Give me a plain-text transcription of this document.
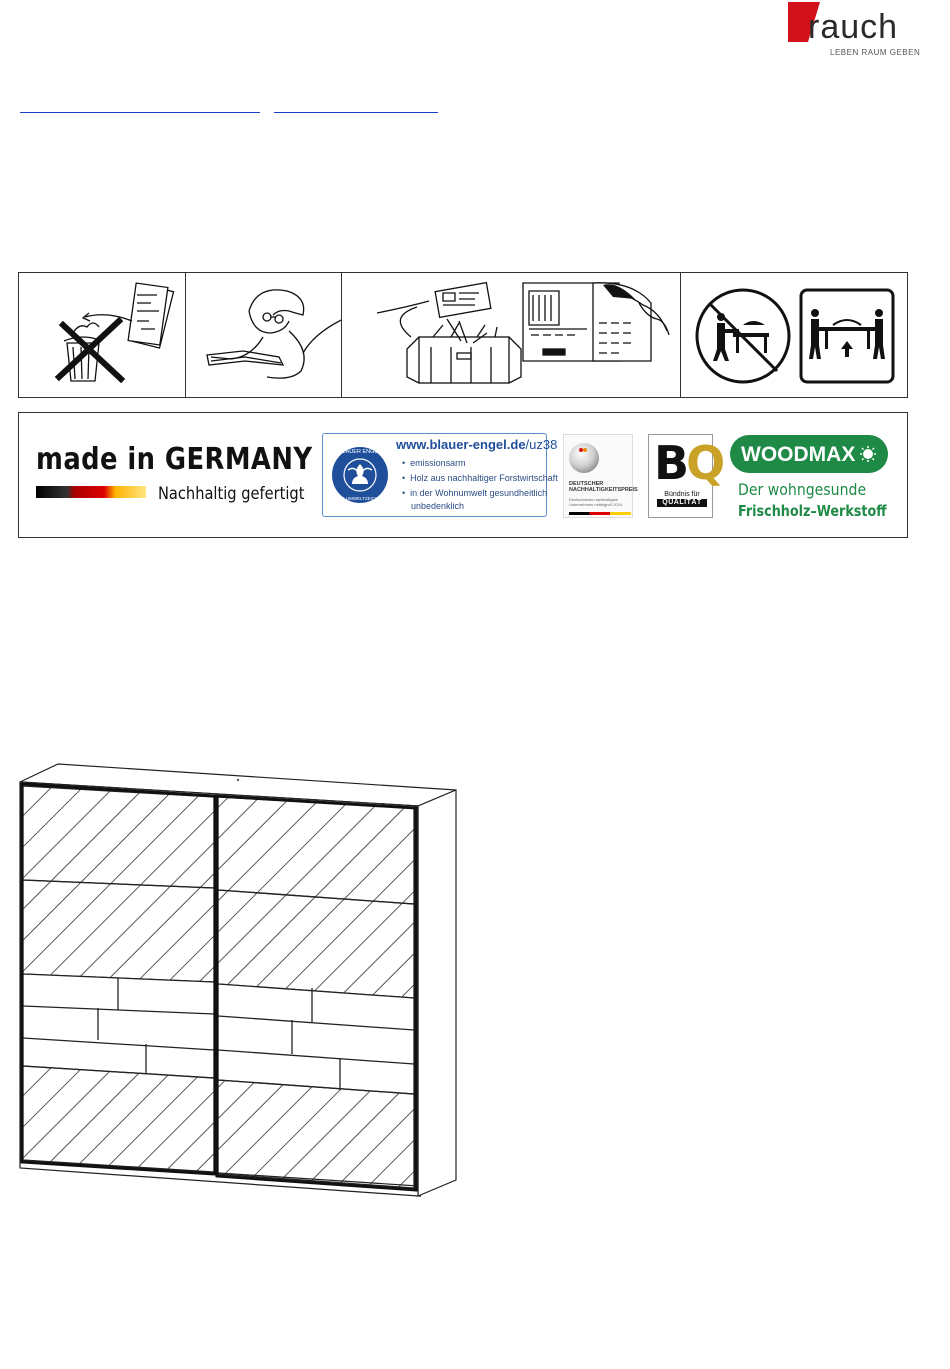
rauch
LEBEN RAUM GEBEN
made in GERMANY
Nachhaltig gefertigt
BLAUER ENGEL
DAS UMWELTZEICHEN
www.blauer-engel.de/uz38
•  emissionsarm
•  Holz aus nachhaltiger Forstwirtschaft
•  in der Wohnumwelt gesundheitlich
unbedenklich
DEUTSCHER
NACHHALTIGKEITSPREIS
Deutschlands nachhaltigste
Unternehmen mittelgroß 2014
BQ
Bündnis für
QUALITÄT
WOODMAX
Der wohngesunde
Frischholz–Werkstoff
